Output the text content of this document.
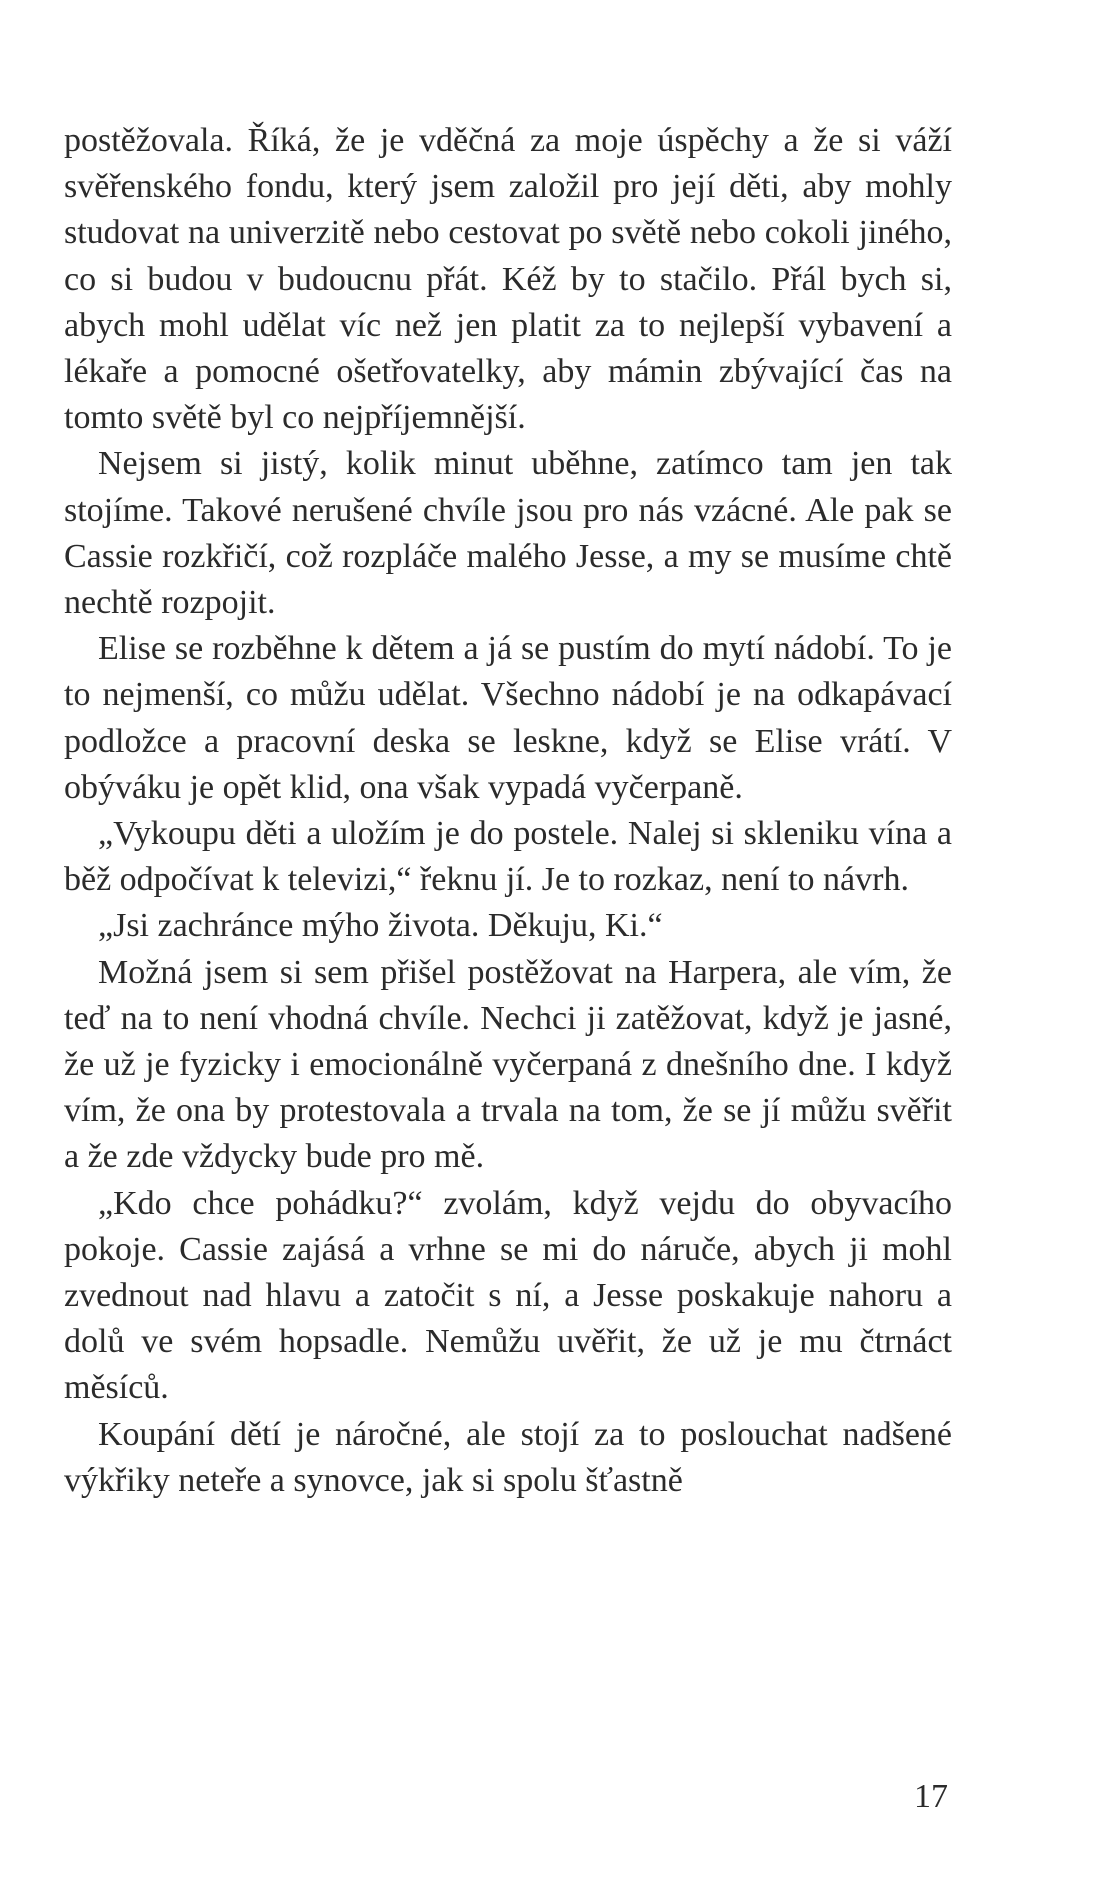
postěžovala. Říká, že je vděčná za moje úspěchy a že si váží svěřenského fondu, který jsem založil pro její děti, aby mohly studovat na univerzitě nebo cestovat po světě nebo cokoli jiného, co si budou v budoucnu přát. Kéž by to stačilo. Přál bych si, abych mohl udělat víc než jen platit za to nejlepší vybavení a lékaře a pomocné ošetřovatelky, aby mámin zbývající čas na tomto světě byl co nejpříjemnější.

Nejsem si jistý, kolik minut uběhne, zatímco tam jen tak stojíme. Takové nerušené chvíle jsou pro nás vzácné. Ale pak se Cassie rozkřičí, což rozpláče malého Jesse, a my se musíme chtě nechtě rozpojit.

Elise se rozběhne k dětem a já se pustím do mytí nádobí. To je to nejmenší, co můžu udělat. Všechno nádobí je na odkapávací podložce a pracovní deska se leskne, když se Elise vrátí. V obýváku je opět klid, ona však vypadá vyčerpaně.

„Vykoupu děti a uložím je do postele. Nalej si skleniku vína a běž odpočívat k televizi,“ řeknu jí. Je to rozkaz, není to návrh.

„Jsi zachránce mýho života. Děkuju, Ki.“

Možná jsem si sem přišel postěžovat na Harpera, ale vím, že teď na to není vhodná chvíle. Nechci ji zatěžovat, když je jasné, že už je fyzicky i emocionálně vyčerpaná z dnešního dne. I když vím, že ona by protestovala a trvala na tom, že se jí můžu svěřit a že zde vždycky bude pro mě.

„Kdo chce pohádku?“ zvolám, když vejdu do obyvacího pokoje. Cassie zajásá a vrhne se mi do náruče, abych ji mohl zvednout nad hlavu a zatočit s ní, a Jesse poskakuje nahoru a dolů ve svém hopsadle. Nemůžu uvěřit, že už je mu čtrnáct měsíců.

Koupání dětí je náročné, ale stojí za to poslouchat nadšené výkřiky neteře a synovce, jak si spolu šťastně

17
